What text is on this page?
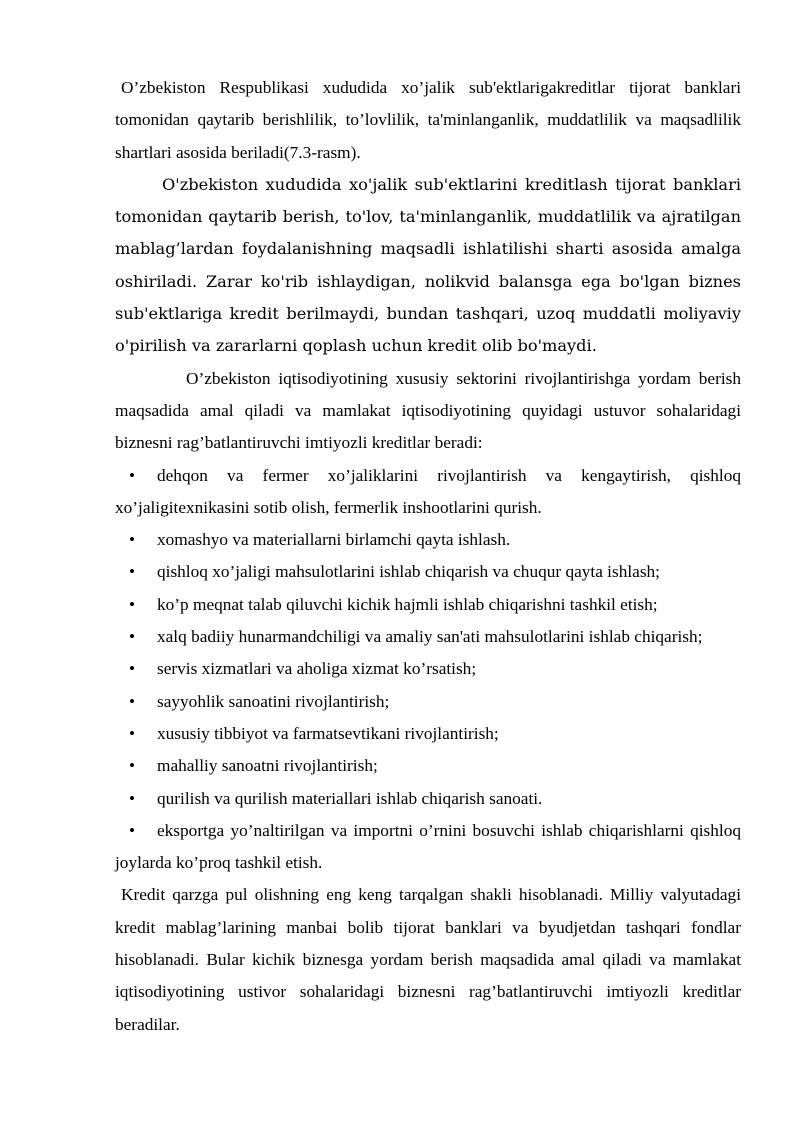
O’zbekiston Respublikasi xududida xo’jalik sub'ektlarigakreditlar tijorat banklari tomonidan qaytarib berishlilik, to’lovlilik, ta'minlanganlik, muddatlilik va maqsadlilik shartlari asosida beriladi(7.3-rasm).

O'zbekiston xududida xo'jalik sub'ektlarini kreditlash tijorat banklari tomonidan qaytarib berish, to'lov, ta'minlanganlik, muddatlilik va ajratilgan mablag’lardan foydalanishning maqsadli ishlatilishi sharti asosida amalga oshiriladi. Zarar ko'rib ishlaydigan, nolikvid balansga ega bo'lgan biznes sub'ektlariga kredit berilmaydi, bundan tashqari, uzoq muddatli moliyaviy o'pirilish va zararlarni qoplash uchun kredit olib bo'maydi.

O’zbekiston iqtisodiyotining xususiy sektorini rivojlantirishga yordam berish maqsadida amal qiladi va mamlakat iqtisodiyotining quyidagi ustuvor sohalaridagi biznesni rag’batlantiruvchi imtiyozli kreditlar beradi:

• dehqon va fermer xo’jaliklarini rivojlantirish va kengaytirish, qishloq xo’jaligitexnikasini sotib olish, fermerlik inshootlarini qurish.
• xomashyo va materiallarni birlamchi qayta ishlash.
• qishloq xo’jaligi mahsulotlarini ishlab chiqarish va chuqur qayta ishlash;
• ko’p meqnat talab qiluvchi kichik hajmli ishlab chiqarishni tashkil etish;
• xalq badiiy hunarmandchiligi va amaliy san'ati mahsulotlarini ishlab chiqarish;
• servis xizmatlari va aholiga xizmat ko’rsatish;
• sayyohlik sanoatini rivojlantirish;
• xususiy tibbiyot va farmatsevtikani rivojlantirish;
• mahalliy sanoatni rivojlantirish;
• qurilish va qurilish materiallari ishlab chiqarish sanoati.
• eksportga yo’naltirilgan va importni o’rnini bosuvchi ishlab chiqarishlarni qishloq joylarda ko’proq tashkil etish.

Kredit qarzga pul olishning eng keng tarqalgan shakli hisoblanadi. Milliy valyutadagi kredit mablag’larining manbai bolib tijorat banklari va byudjetdan tashqari fondlar hisoblanadi. Bular kichik biznesga yordam berish maqsadida amal qiladi va mamlakat iqtisodiyotining ustivor sohalaridagi biznesni rag’batlantiruvchi imtiyozli kreditlar beradilar.
